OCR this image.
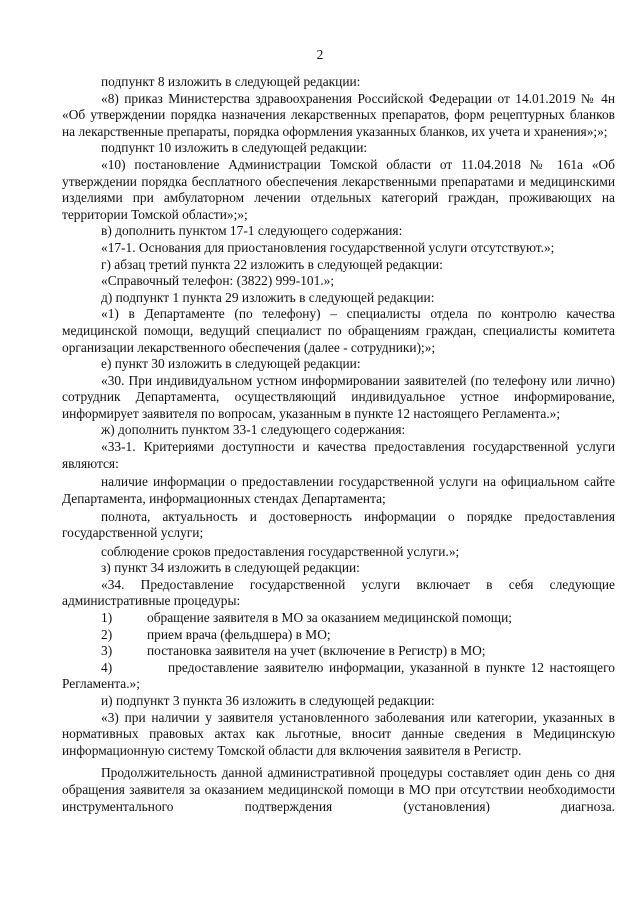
2

подпункт 8 изложить в следующей редакции:

«8) приказ Министерства здравоохранения Российской Федерации от 14.01.2019 № 4н «Об утверждении порядка назначения лекарственных препаратов, форм рецептурных бланков на лекарственные препараты, порядка оформления указанных бланков, их учета и хранения»;»;

подпункт 10 изложить в следующей редакции:

«10) постановление Администрации Томской области от 11.04.2018 № 161а «Об утверждении порядка бесплатного обеспечения лекарственными препаратами и медицинскими изделиями при амбулаторном лечении отдельных категорий граждан, проживающих на территории Томской области»;»;

в) дополнить пунктом 17-1 следующего содержания:

«17-1. Основания для приостановления государственной услуги отсутствуют.»;

г) абзац третий пункта 22 изложить в следующей редакции:

«Справочный телефон: (3822) 999-101.»;

д) подпункт 1 пункта 29 изложить в следующей редакции:

«1) в Департаменте (по телефону) – специалисты отдела по контролю качества медицинской помощи, ведущий специалист по обращениям граждан, специалисты комитета организации лекарственного обеспечения (далее - сотрудники);»;

е) пункт 30 изложить в следующей редакции:

«30. При индивидуальном устном информировании заявителей (по телефону или лично) сотрудник Департамента, осуществляющий индивидуальное устное информирование, информирует заявителя по вопросам, указанным в пункте 12 настоящего Регламента.»;

ж) дополнить пунктом 33-1 следующего содержания:

«33-1. Критериями доступности и качества предоставления государственной услуги являются:

наличие информации о предоставлении государственной услуги на официальном сайте Департамента, информационных стендах Департамента;

полнота, актуальность и достоверность информации о порядке предоставления государственной услуги;

соблюдение сроков предоставления государственной услуги.»;

з) пункт 34 изложить в следующей редакции:

«34. Предоставление государственной услуги включает в себя следующие административные процедуры:

1)	обращение заявителя в МО за оказанием медицинской помощи;
2)	прием врача (фельдшера) в МО;
3)	постановка заявителя на учет (включение в Регистр) в МО;

4)	предоставление заявителю информации, указанной в пункте 12 настоящего Регламента.»;

и) подпункт 3 пункта 36 изложить в следующей редакции:

«3) при наличии у заявителя установленного заболевания или категории, указанных в нормативных правовых актах как льготные, вносит данные сведения в Медицинскую информационную систему Томской области для включения заявителя в Регистр.

Продолжительность данной административной процедуры составляет один день со дня обращения заявителя за оказанием медицинской помощи в МО при отсутствии необходимости инструментального подтверждения (установления) диагноза.
